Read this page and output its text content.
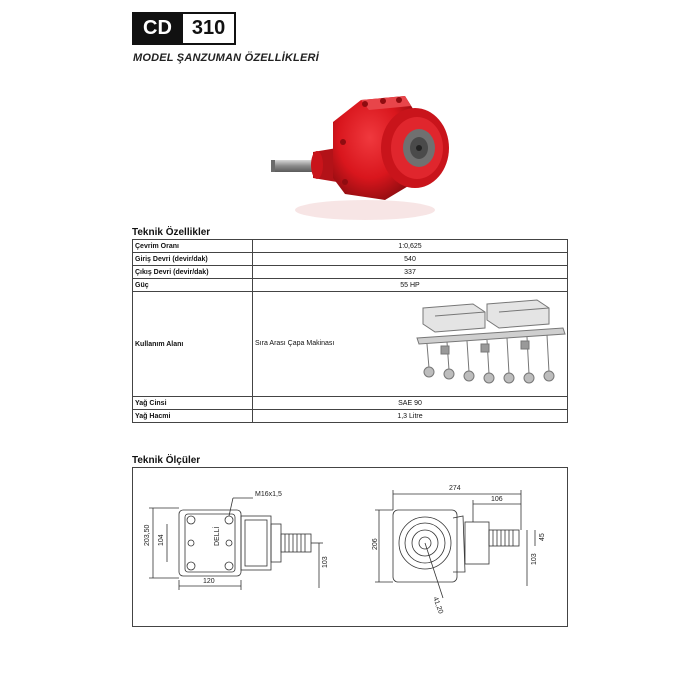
CD	310
MODEL ŞANZUMAN ÖZELLİKLERİ
Teknik Özellikler
Çevrim Oranı	1:0,625
Giriş Devri (devir/dak)	540
Çıkış Devri (devir/dak)	337
Güç	55 HP
Kullanım Alanı	Sıra Arası Çapa Makinası

Yağ Cinsi	SAE 90
Yağ Hacmi	1,3 Litre
Teknik Ölçüler
M16x1,5
203,50 104
120
103
DELLİ
274
106
206
103
45
41,20
